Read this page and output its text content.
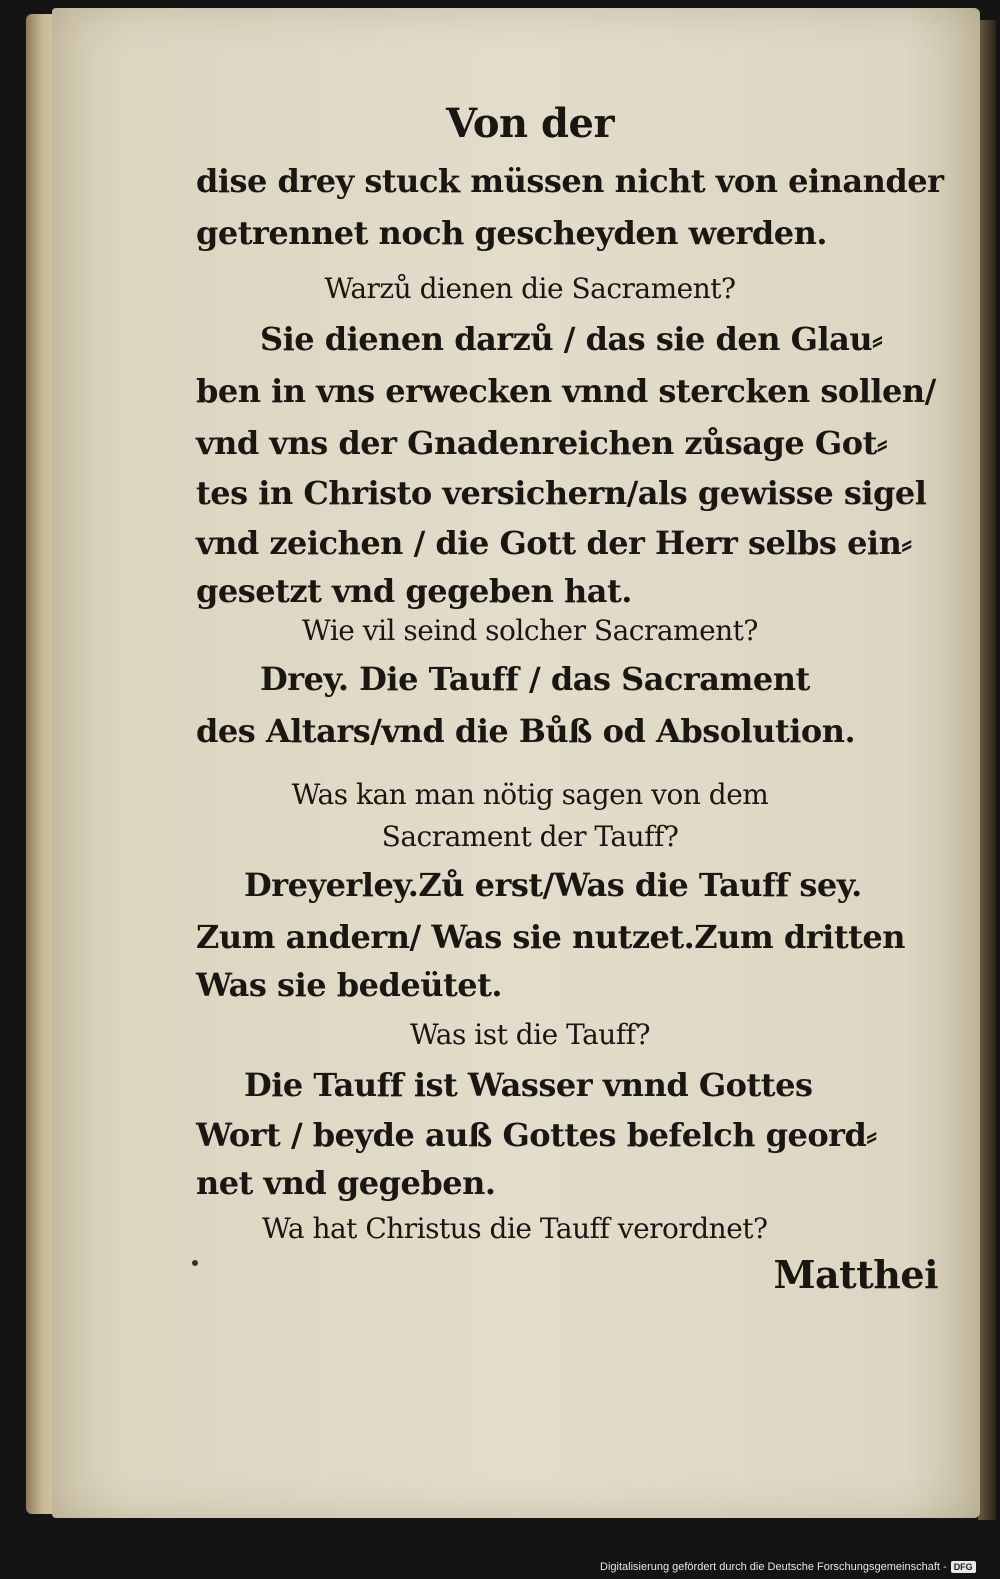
Von der
dise drey stuck müssen nicht von einander
getrennet noch gescheyden werden.
Warzů dienen die Sacrament?
Sie dienen darzů / das sie den Glau⸗
ben in vns erwecken vnnd stercken sollen/
vnd vns der Gnadenreichen zůsage Got⸗
tes in Christo versichern/als gewisse sigel
vnd zeichen / die Gott der Herr selbs ein⸗
gesetzt vnd gegeben hat.
Wie vil seind solcher Sacrament?
Drey. Die Tauff / das Sacrament
des Altars/vnd die Bůß od Absolution.
Was kan man nötig sagen von dem
Sacrament der Tauff?
Dreyerley.Zů erst/Was die Tauff sey.
Zum andern/ Was sie nutzet.Zum dritten
Was sie bedeütet.
Was ist die Tauff?
Die Tauff ist Wasser vnnd Gottes
Wort / beyde auß Gottes befelch geord⸗
net vnd gegeben.
Wa hat Christus die Tauff verordnet?
Matthei
Digitalisierung gefördert durch die Deutsche Forschungsgemeinschaft - DFG
